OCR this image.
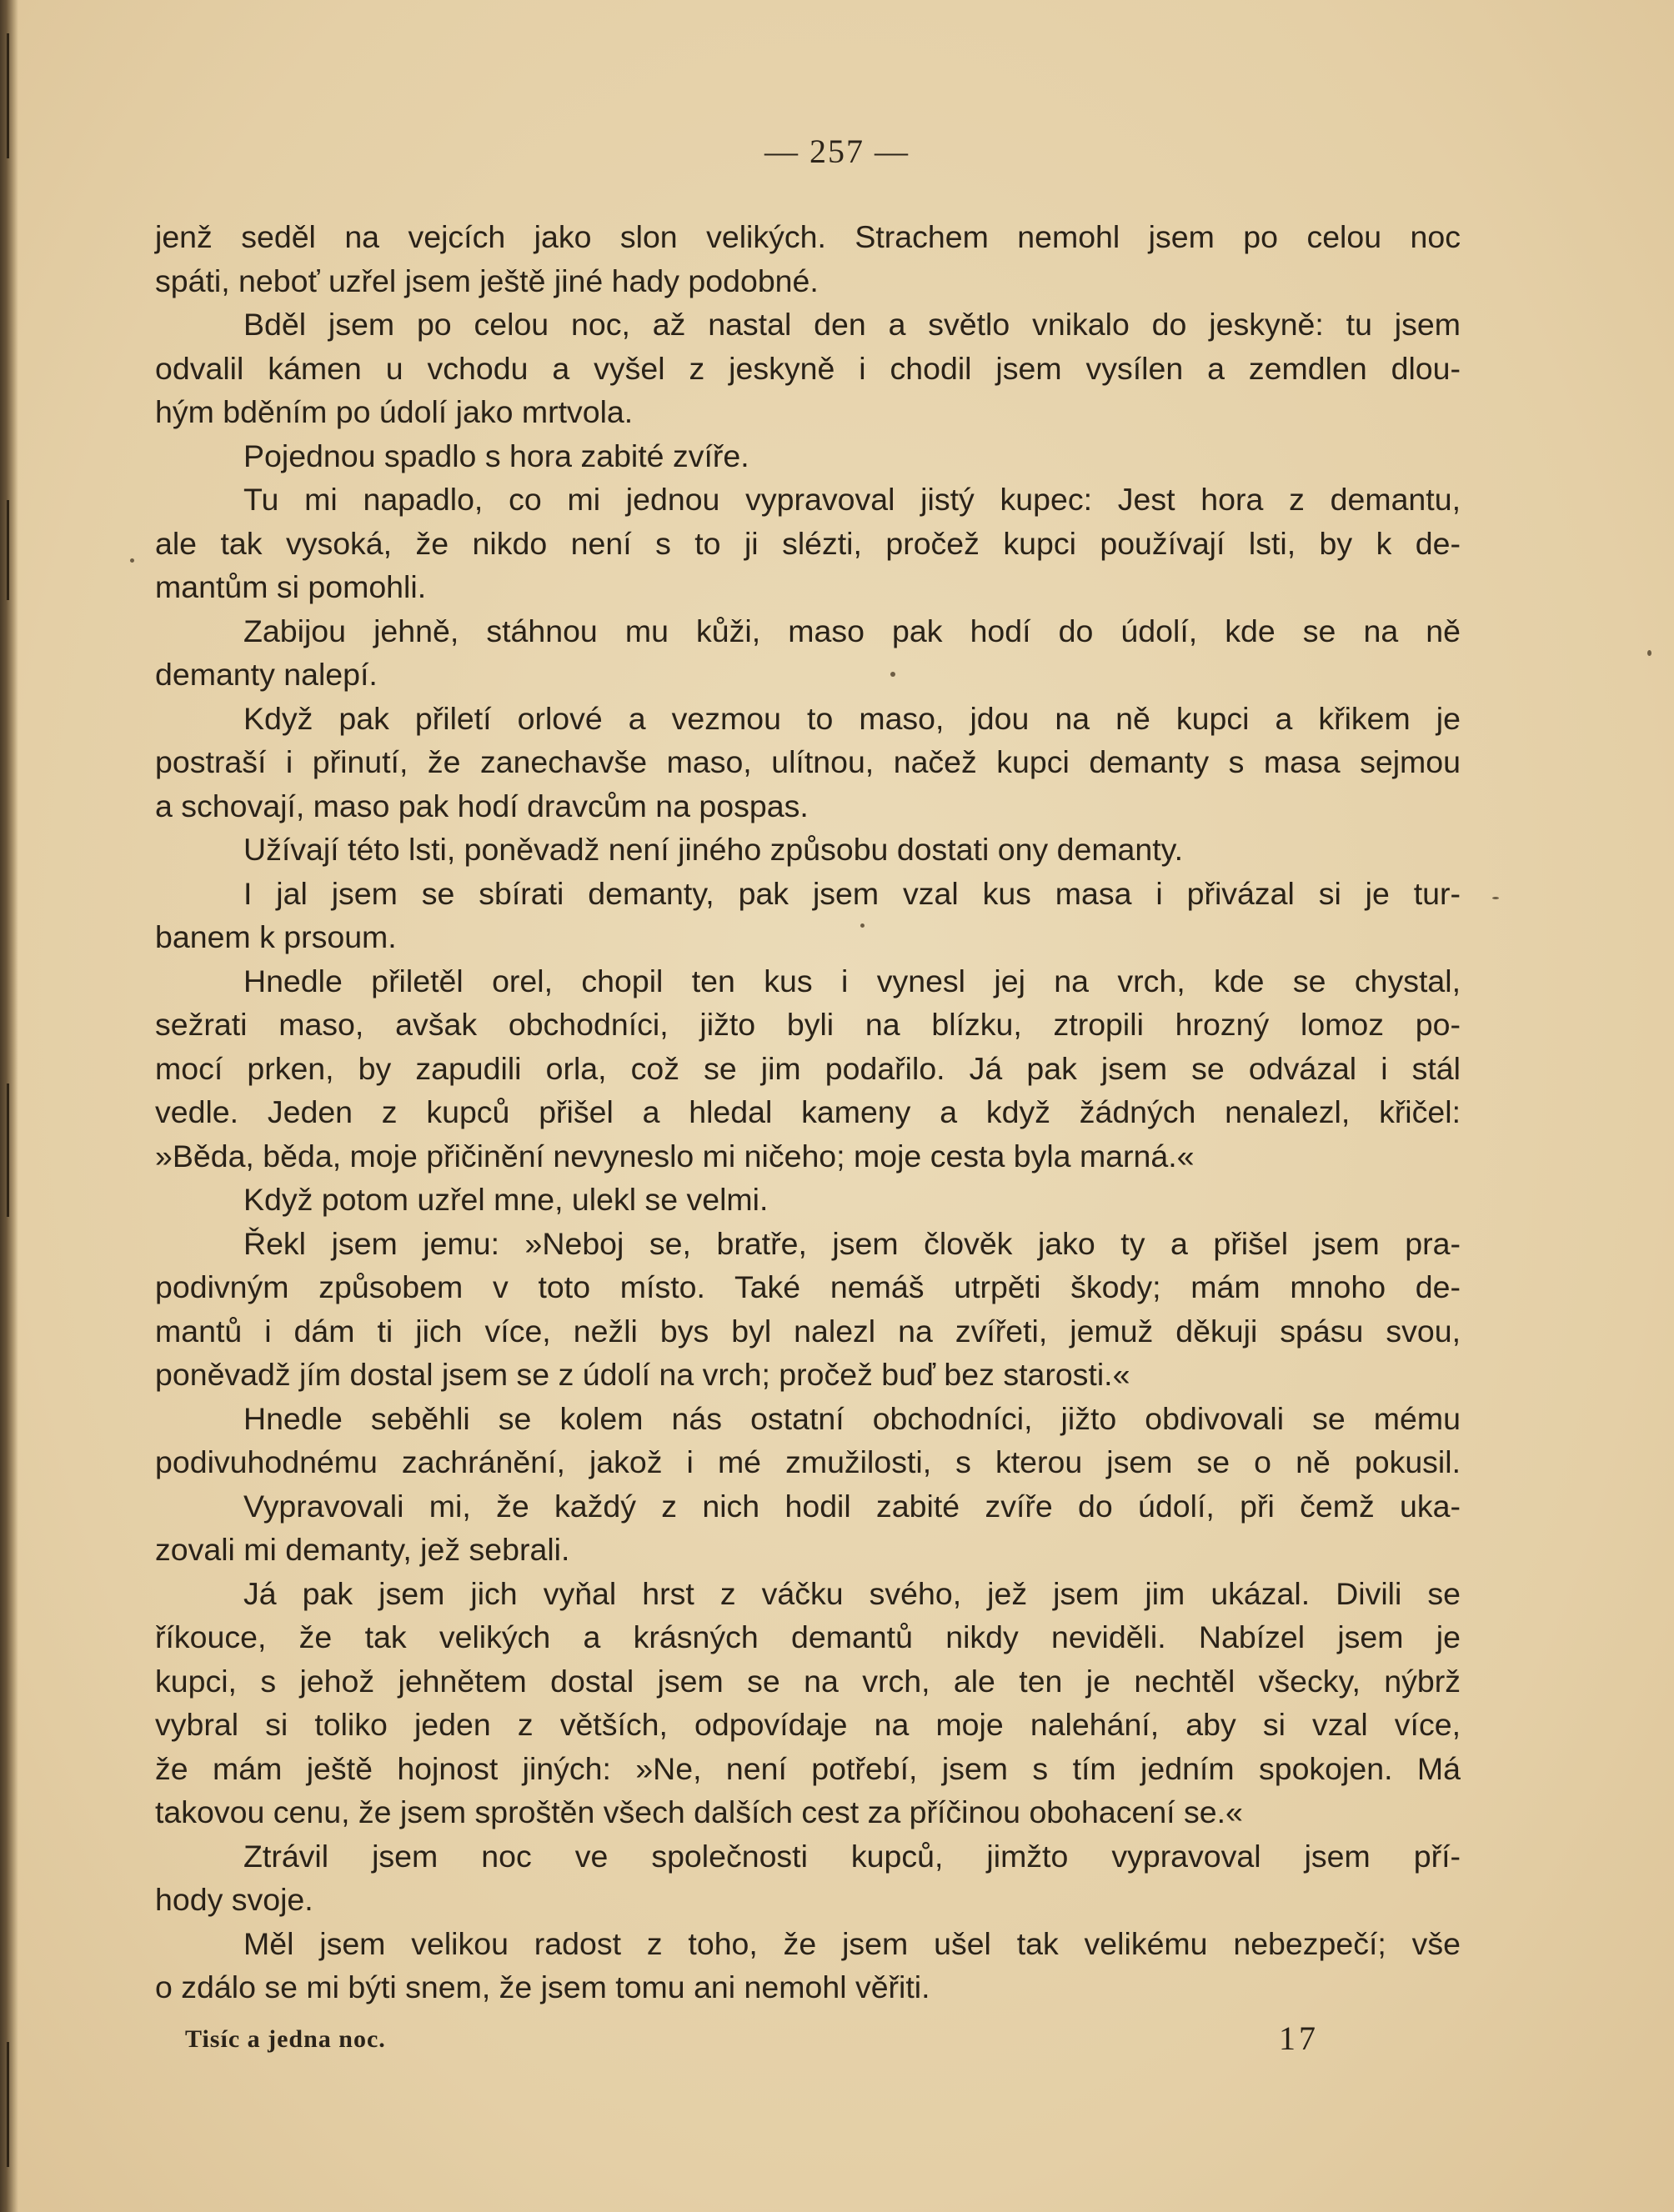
— 257 —
jenž seděl na vejcích jako slon velikých. Strachem nemohl jsem po celou noc
spáti, neboť uzřel jsem ještě jiné hady podobné.
Bděl jsem po celou noc, až nastal den a světlo vnikalo do jeskyně: tu jsem
odvalil kámen u vchodu a vyšel z jeskyně i chodil jsem vysílen a zemdlen dlou-
hým bděním po údolí jako mrtvola.
Pojednou spadlo s hora zabité zvíře.
Tu mi napadlo, co mi jednou vypravoval jistý kupec: Jest hora z demantu,
ale tak vysoká, že nikdo není s to ji slézti, pročež kupci používají lsti, by k de-
mantům si pomohli.
Zabijou jehně, stáhnou mu kůži, maso pak hodí do údolí, kde se na ně
demanty nalepí.
Když pak přiletí orlové a vezmou to maso, jdou na ně kupci a křikem je
postraší i přinutí, že zanechavše maso, ulítnou, načež kupci demanty s masa sejmou
a schovají, maso pak hodí dravcům na pospas.
Užívají této lsti, poněvadž není jiného způsobu dostati ony demanty.
I jal jsem se sbírati demanty, pak jsem vzal kus masa i přivázal si je tur-
banem k prsoum.
Hnedle přiletěl orel, chopil ten kus i vynesl jej na vrch, kde se chystal,
sežrati maso, avšak obchodníci, jižto byli na blízku, ztropili hrozný lomoz po-
mocí prken, by zapudili orla, což se jim podařilo. Já pak jsem se odvázal i stál
vedle. Jeden z kupců přišel a hledal kameny a když žádných nenalezl, křičel:
»Běda, běda, moje přičinění nevyneslo mi ničeho; moje cesta byla marná.«
Když potom uzřel mne, ulekl se velmi.
Řekl jsem jemu: »Neboj se, bratře, jsem člověk jako ty a přišel jsem pra-
podivným způsobem v toto místo. Také nemáš utrpěti škody; mám mnoho de-
mantů i dám ti jich více, nežli bys byl nalezl na zvířeti, jemuž děkuji spásu svou,
poněvadž jím dostal jsem se z údolí na vrch; pročež buď bez starosti.«
Hnedle seběhli se kolem nás ostatní obchodníci, jižto obdivovali se mému
podivuhodnému zachránění, jakož i mé zmužilosti, s kterou jsem se o ně pokusil.
Vypravovali mi, že každý z nich hodil zabité zvíře do údolí, při čemž uka-
zovali mi demanty, jež sebrali.
Já pak jsem jich vyňal hrst z váčku svého, jež jsem jim ukázal. Divili se
říkouce, že tak velikých a krásných demantů nikdy neviděli. Nabízel jsem je
kupci, s jehož jehnětem dostal jsem se na vrch, ale ten je nechtěl všecky, nýbrž
vybral si toliko jeden z větších, odpovídaje na moje nalehání, aby si vzal více,
že mám ještě hojnost jiných: »Ne, není potřebí, jsem s tím jedním spokojen. Má
takovou cenu, že jsem sproštěn všech dalších cest za příčinou obohacení se.«
Ztrávil jsem noc ve společnosti kupců, jimžto vypravoval jsem pří-
hody svoje.
Měl jsem velikou radost z toho, že jsem ušel tak velikému nebezpečí; vše
o zdálo se mi býti snem, že jsem tomu ani nemohl věřiti.
Tisíc a jedna noc.	17
